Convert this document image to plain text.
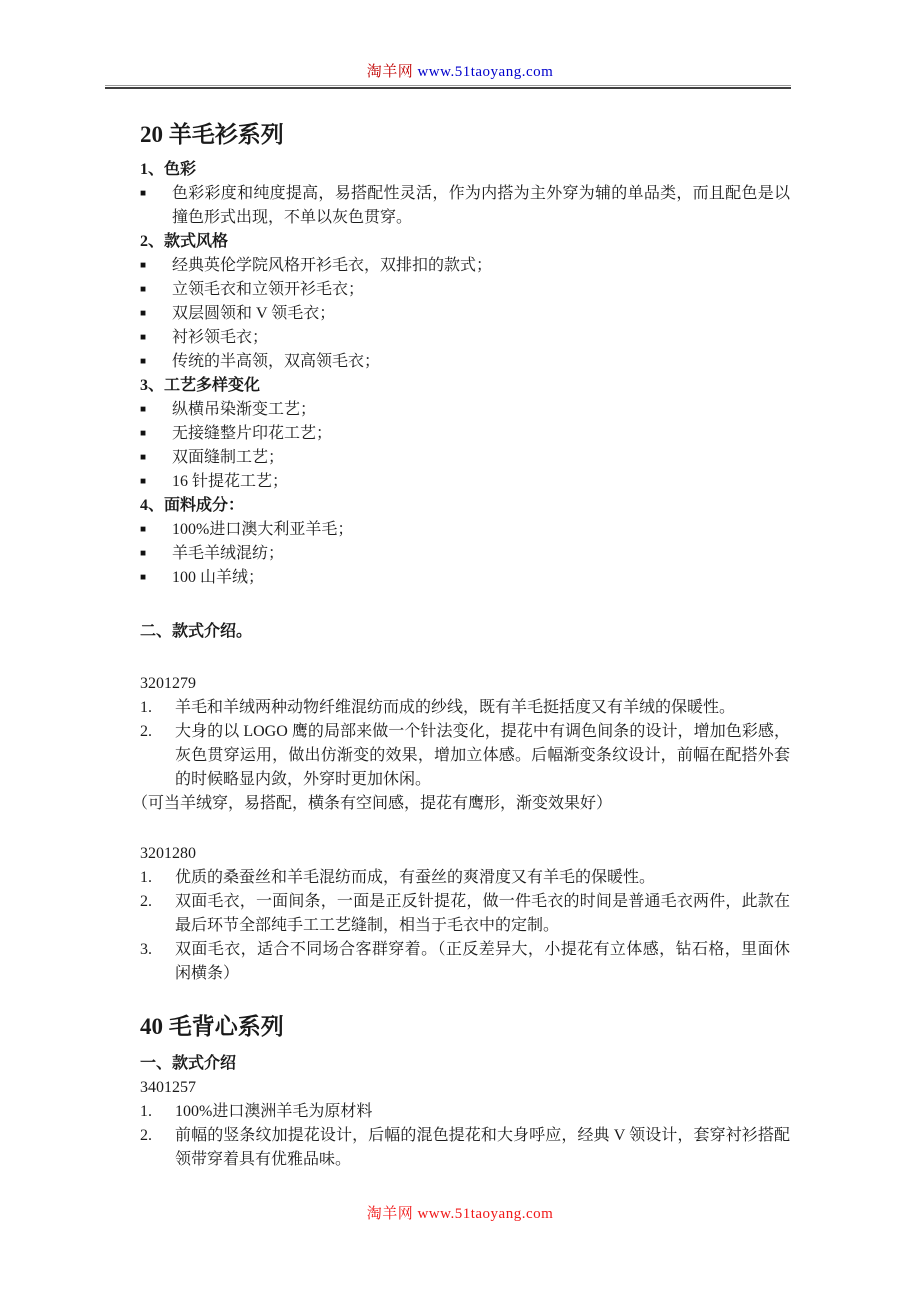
淘羊网 www.51taoyang.com
20 羊毛衫系列
1、色彩
■	色彩彩度和纯度提高，易搭配性灵活，作为内搭为主外穿为辅的单品类，而且配色是以撞色形式出现，不单以灰色贯穿。
2、款式风格
■	经典英伦学院风格开衫毛衣，双排扣的款式；
■	立领毛衣和立领开衫毛衣；
■	双层圆领和 V 领毛衣；
■	衬衫领毛衣；
■	传统的半高领，双高领毛衣；
3、工艺多样变化
■	纵横吊染渐变工艺；
■	无接缝整片印花工艺；
■	双面缝制工艺；
■	16 针提花工艺；
4、面料成分：
■	100%进口澳大利亚羊毛；
■	羊毛羊绒混纺；
■	100 山羊绒；
二、款式介绍。
3201279
1.	羊毛和羊绒两种动物纤维混纺而成的纱线，既有羊毛挺括度又有羊绒的保暖性。
2.	大身的以 LOGO 鹰的局部来做一个针法变化，提花中有调色间条的设计，增加色彩感，灰色贯穿运用，做出仿渐变的效果，增加立体感。后幅渐变条纹设计，前幅在配搭外套的时候略显内敛，外穿时更加休闲。
（可当羊绒穿，易搭配，横条有空间感，提花有鹰形，渐变效果好）
3201280
1.	优质的桑蚕丝和羊毛混纺而成，有蚕丝的爽滑度又有羊毛的保暖性。
2.	双面毛衣，一面间条，一面是正反针提花，做一件毛衣的时间是普通毛衣两件，此款在最后环节全部纯手工工艺缝制，相当于毛衣中的定制。
3.	双面毛衣，适合不同场合客群穿着。（正反差异大，小提花有立体感，钻石格，里面休闲横条）
40 毛背心系列
一、款式介绍
3401257
1.	100%进口澳洲羊毛为原材料
2.	前幅的竖条纹加提花设计，后幅的混色提花和大身呼应，经典 V 领设计，套穿衬衫搭配领带穿着具有优雅品味。
淘羊网 www.51taoyang.com
